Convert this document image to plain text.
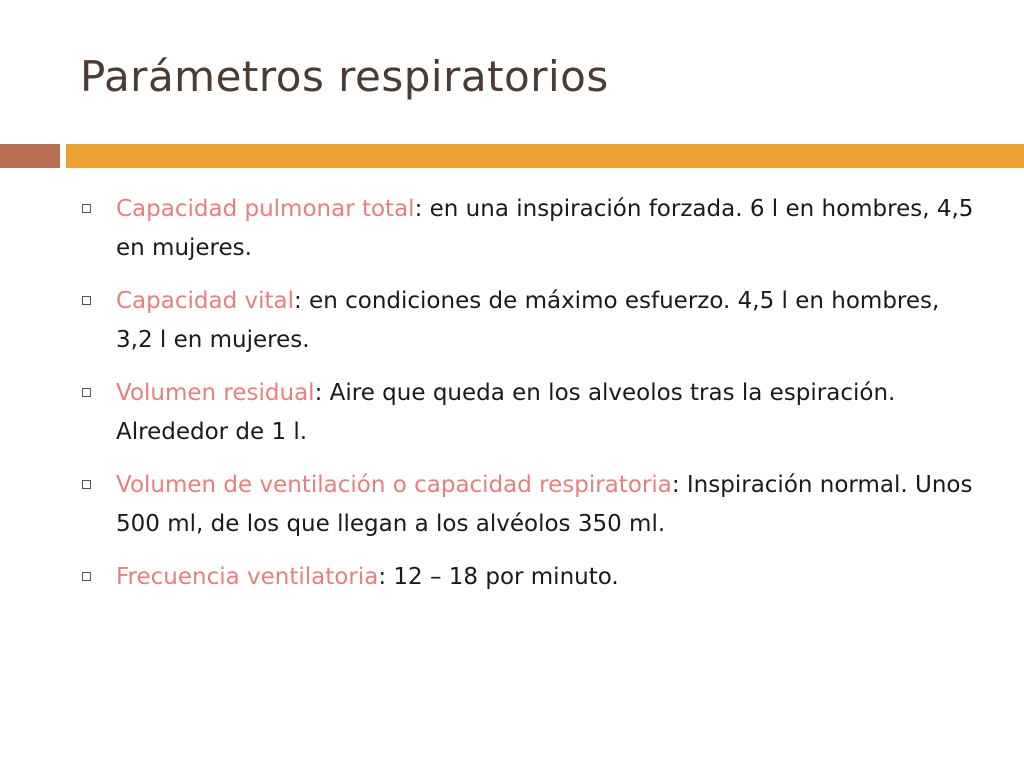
Parámetros respiratorios
Capacidad pulmonar total: en una inspiración forzada. 6 l en hombres, 4,5 en mujeres.
Capacidad vital: en condiciones de máximo esfuerzo. 4,5 l en hombres, 3,2 l en mujeres.
Volumen residual: Aire que queda en los alveolos tras la espiración. Alrededor de 1 l.
Volumen de ventilación o capacidad respiratoria: Inspiración normal. Unos 500 ml, de los que llegan a los alvéolos 350 ml.
Frecuencia ventilatoria: 12 – 18 por minuto.
